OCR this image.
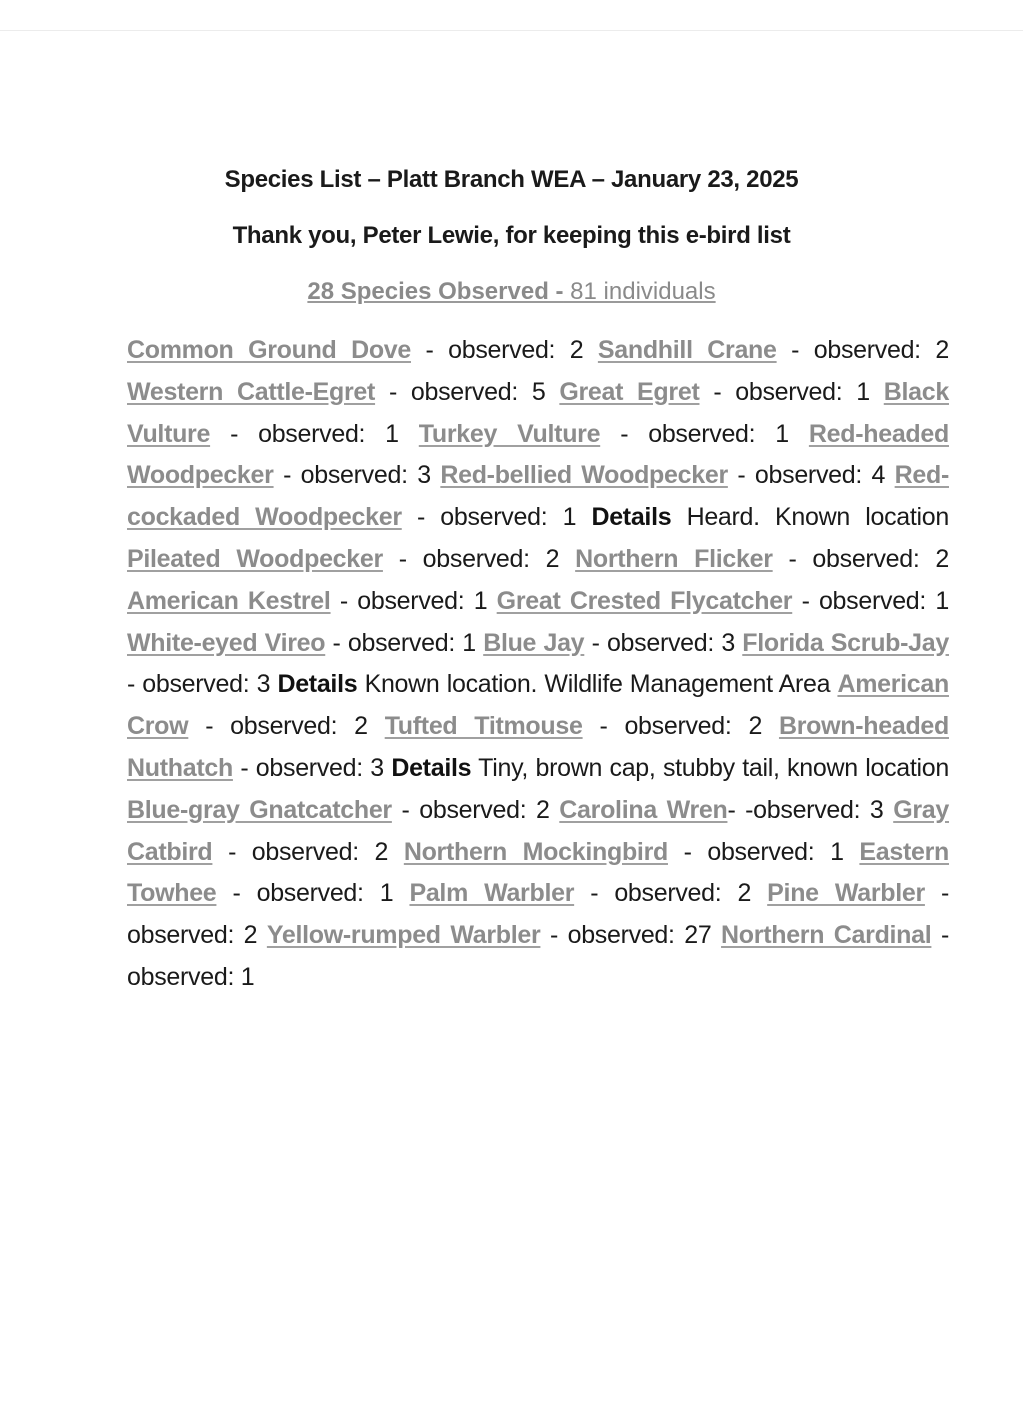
Species List – Platt Branch WEA – January 23, 2025
Thank you, Peter Lewie, for keeping this e-bird list
28 Species Observed - 81 individuals
Common Ground Dove - observed: 2 Sandhill Crane - observed: 2 Western Cattle-Egret - observed: 5 Great Egret - observed: 1 Black Vulture - observed: 1 Turkey Vulture - observed: 1 Red-headed Woodpecker - observed: 3 Red-bellied Woodpecker - observed: 4 Red-cockaded Woodpecker - observed: 1 Details Heard. Known location Pileated Woodpecker - observed: 2 Northern Flicker - observed: 2 American Kestrel - observed: 1 Great Crested Flycatcher - observed: 1 White-eyed Vireo - observed: 1 Blue Jay - observed: 3 Florida Scrub-Jay - observed: 3 Details Known location. Wildlife Management Area American Crow - observed: 2 Tufted Titmouse - observed: 2 Brown-headed Nuthatch - observed: 3 Details Tiny, brown cap, stubby tail, known location Blue-gray Gnatcatcher - observed: 2 Carolina Wren- -observed: 3 Gray Catbird - observed: 2 Northern Mockingbird - observed: 1 Eastern Towhee - observed: 1 Palm Warbler - observed: 2 Pine Warbler - observed: 2 Yellow-rumped Warbler - observed: 27 Northern Cardinal - observed: 1
